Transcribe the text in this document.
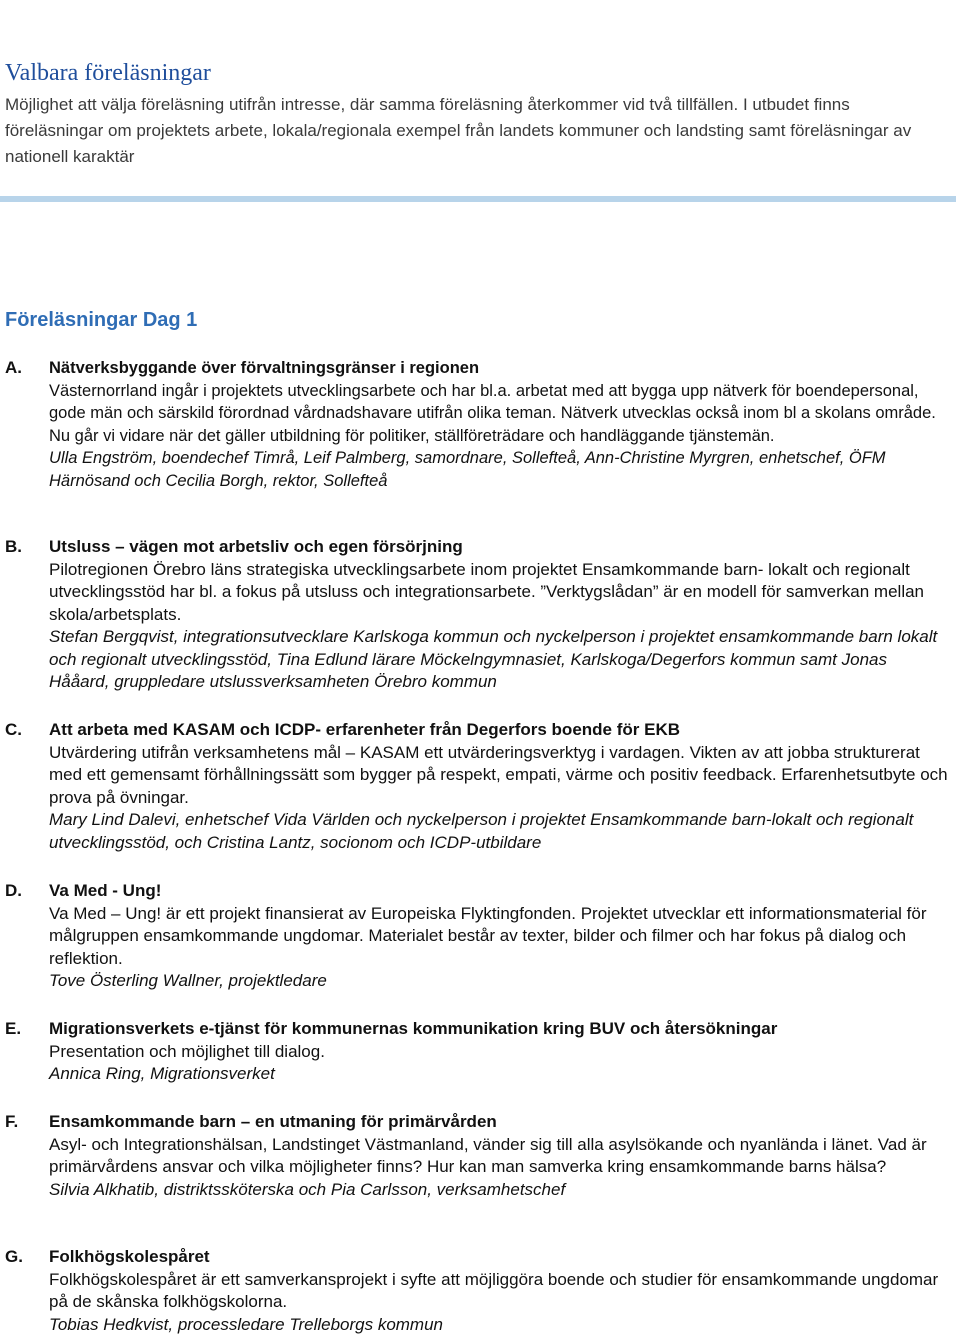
Valbara föreläsningar

Möjlighet att välja föreläsning utifrån intresse, där samma föreläsning återkommer vid två tillfällen. I utbudet finns föreläsningar om projektets arbete, lokala/regionala exempel från landets kommuner och landsting samt föreläsningar av nationell karaktär

Föreläsningar Dag 1
A. Nätverksbyggande över förvaltningsgränser i regionen
Västernorrland ingår i projektets utvecklingsarbete och har bl.a. arbetat med att bygga upp nätverk för boendepersonal, gode män och särskild förordnad vårdnadshavare utifrån olika teman. Nätverk utvecklas också inom bl a skolans område. Nu går vi vidare när det gäller utbildning för politiker, ställföreträdare och handläggande tjänstemän.
Ulla Engström, boendechef Timrå, Leif Palmberg, samordnare, Sollefteå, Ann-Christine Myrgren, enhetschef, ÖFM Härnösand och Cecilia Borgh, rektor, Sollefteå
B. Utsluss – vägen mot arbetsliv och egen försörjning
Pilotregionen Örebro läns strategiska utvecklingsarbete inom projektet Ensamkommande barn- lokalt och regionalt utvecklingsstöd har bl. a fokus på utsluss och integrationsarbete. ”Verktygslådan” är en modell för samverkan mellan skola/arbetsplats.
Stefan Bergqvist, integrationsutvecklare Karlskoga kommun och nyckelperson i projektet ensamkommande barn lokalt och regionalt utvecklingsstöd, Tina Edlund lärare Möckelngymnasiet, Karlskoga/Degerfors kommun samt Jonas Hååard, gruppledare utslussverksamheten Örebro kommun
C. Att arbeta med KASAM och ICDP- erfarenheter från Degerfors boende för EKB
Utvärdering utifrån verksamhetens mål – KASAM ett utvärderingsverktyg i vardagen. Vikten av att jobba strukturerat med ett gemensamt förhållningssätt som bygger på respekt, empati, värme och positiv feedback. Erfarenhetsutbyte och prova på övningar.
Mary Lind Dalevi, enhetschef Vida Världen och nyckelperson i projektet Ensamkommande barn-lokalt och regionalt utvecklingsstöd, och Cristina Lantz, socionom och ICDP-utbildare
D. Va Med - Ung!
Va Med – Ung! är ett projekt finansierat av Europeiska Flyktingfonden. Projektet utvecklar ett informationsmaterial för målgruppen ensamkommande ungdomar. Materialet består av texter, bilder och filmer och har fokus på dialog och reflektion.
Tove Österling Wallner, projektledare
E. Migrationsverkets e-tjänst för kommunernas kommunikation kring BUV och återsökningar
Presentation och möjlighet till dialog.
Annica Ring, Migrationsverket
F. Ensamkommande barn – en utmaning för primärvården
Asyl- och Integrationshälsan, Landstinget Västmanland, vänder sig till alla asylsökande och nyanlända i länet. Vad är primärvårdens ansvar och vilka möjligheter finns? Hur kan man samverka kring ensamkommande barns hälsa?
Silvia Alkhatib, distriktssköterska och Pia Carlsson, verksamhetschef
G. Folkhögskolespåret
Folkhögskolespåret är ett samverkansprojekt i syfte att möjliggöra boende och studier för ensamkommande ungdomar på de skånska folkhögskolorna.
Tobias Hedkvist, processledare Trelleborgs kommun
